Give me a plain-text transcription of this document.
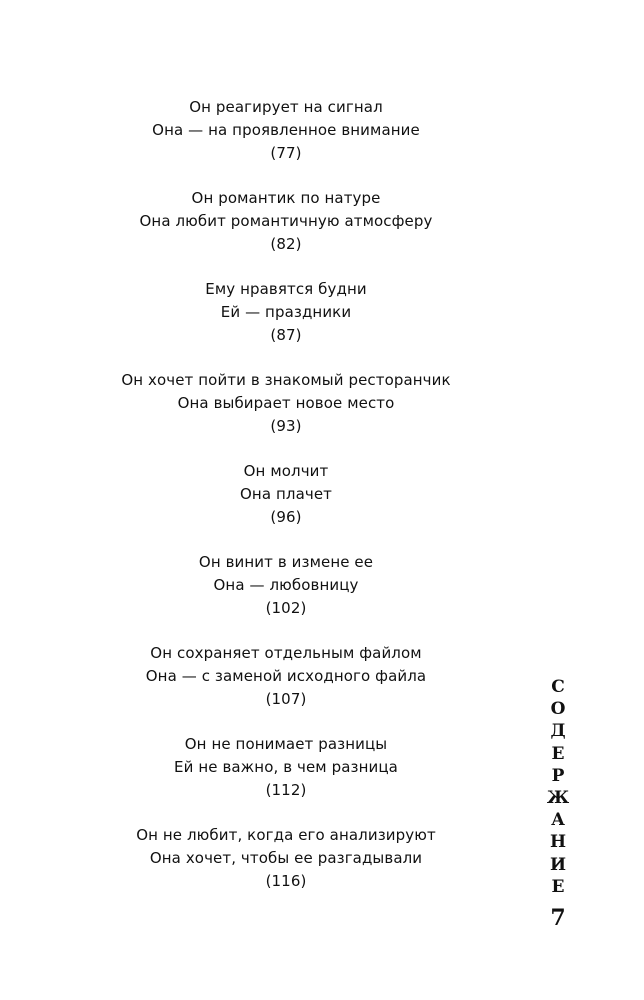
Он реагирует на сигнал
Она — на проявленное внимание
(77)
Он романтик по натуре
Она любит романтичную атмосферу
(82)
Ему нравятся будни
Ей — праздники
(87)
Он хочет пойти в знакомый ресторанчик
Она выбирает новое место
(93)
Он молчит
Она плачет
(96)
Он винит в измене ее
Она — любовницу
(102)
Он сохраняет отдельным файлом
Она — с заменой исходного файла
(107)
Он не понимает разницы
Ей не важно, в чем разница
(112)
Он не любит, когда его анализируют
Она хочет, чтобы ее разгадывали
(116)
С
О
Д
Е
Р
Ж
А
Н
И
Е
7
